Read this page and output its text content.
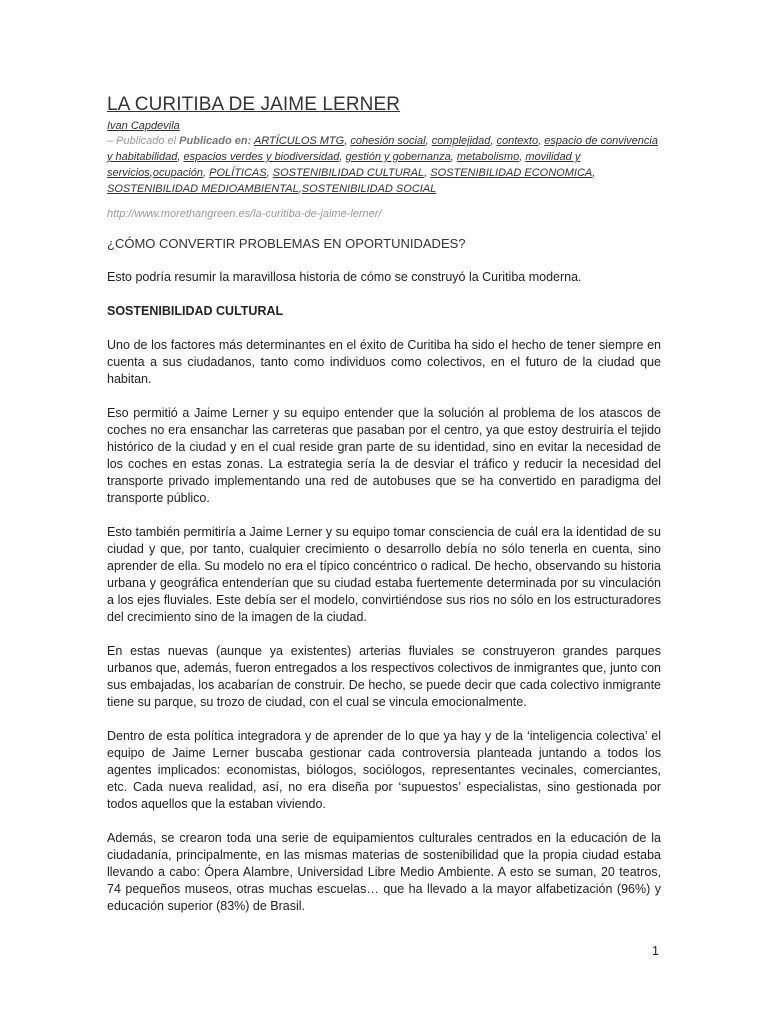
LA CURITIBA DE JAIME LERNER
Ivan Capdevila
– Publicado el Publicado en: ARTÍCULOS MTG, cohesión social, complejidad, contexto, espacio de convivencia y habitabilidad, espacios verdes y biodiversidad, gestión y gobernanza, metabolismo, movilidad y servicios,ocupación, POLÍTICAS, SOSTENIBILIDAD CULTURAL, SOSTENIBILIDAD ECONOMICA, SOSTENIBILIDAD MEDIOAMBIENTAL,SOSTENIBILIDAD SOCIAL
http://www.morethangreen.es/la-curitiba-de-jaime-lerner/
¿CÓMO CONVERTIR PROBLEMAS EN OPORTUNIDADES?

Esto podría resumir la maravillosa historia de cómo se construyó la Curitiba moderna.

SOSTENIBILIDAD CULTURAL

Uno de los factores más determinantes en el éxito de Curitiba ha sido el hecho de tener siempre en cuenta a sus ciudadanos, tanto como individuos como colectivos, en el futuro de la ciudad que habitan.

Eso permitió a Jaime Lerner y su equipo entender que la solución al problema de los atascos de coches no era ensanchar las carreteras que pasaban por el centro, ya que estoy destruiría el tejido histórico de la ciudad y en el cual reside gran parte de su identidad, sino en evitar la necesidad de los coches en estas zonas. La estrategia sería la de desviar el tráfico y reducir la necesidad del transporte privado implementando una red de autobuses que se ha convertido en paradigma del transporte público.

Esto también permitiría a Jaime Lerner y su equipo tomar consciencia de cuál era la identidad de su ciudad y que, por tanto, cualquier crecimiento o desarrollo debía no sólo tenerla en cuenta, sino aprender de ella. Su modelo no era el típico concéntrico o radical. De hecho, observando su historia urbana y geográfica entenderían que su ciudad estaba fuertemente determinada por su vinculación a los ejes fluviales. Este debía ser el modelo, convirtiéndose sus rios no sólo en los estructuradores del crecimiento sino de la imagen de la ciudad.

En estas nuevas (aunque ya existentes) arterias fluviales se construyeron grandes parques urbanos que, además, fueron entregados a los respectivos colectivos de inmigrantes que, junto con sus embajadas, los acabarían de construir. De hecho, se puede decir que cada colectivo inmigrante tiene su parque, su trozo de ciudad, con el cual se vincula emocionalmente.

Dentro de esta política integradora y de aprender de lo que ya hay y de la ‘inteligencia colectiva’ el equipo de Jaime Lerner buscaba gestionar cada controversia planteada juntando a todos los agentes implicados: economistas, biólogos, sociólogos, representantes vecinales, comerciantes, etc. Cada nueva realidad, así, no era diseña por ‘supuestos’ especialistas, sino gestionada por todos aquellos que la estaban viviendo.

Además, se crearon toda una serie de equipamientos culturales centrados en la educación de la ciudadanía, principalmente, en las mismas materias de sostenibilidad que la propia ciudad estaba llevando a cabo: Ópera Alambre, Universidad Libre Medio Ambiente. A esto se suman, 20 teatros, 74 pequeños museos, otras muchas escuelas… que ha llevado a la mayor alfabetización (96%) y educación superior (83%) de Brasil.

1
